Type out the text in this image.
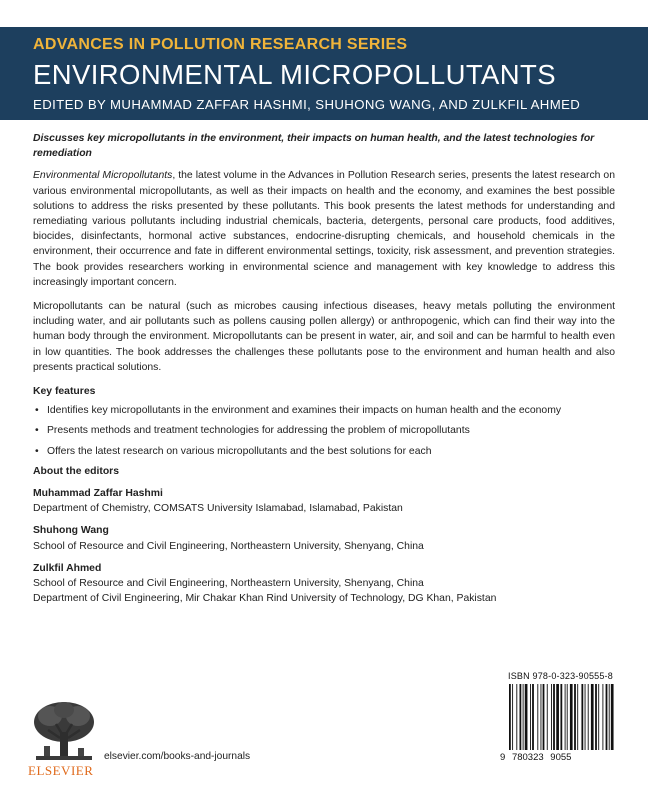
ADVANCES IN POLLUTION RESEARCH SERIES
ENVIRONMENTAL MICROPOLLUTANTS
EDITED BY MUHAMMAD ZAFFAR HASHMI, SHUHONG WANG, AND ZULKFIL AHMED

Discusses key micropollutants in the environment, their impacts on human health, and the latest technologies for remediation

Environmental Micropollutants, the latest volume in the Advances in Pollution Research series, presents the latest research on various environmental micropollutants, as well as their impacts on health and the economy, and examines the best possible solutions to address the risks presented by these pollutants. This book presents the latest methods for understanding and remediating various pollutants including industrial chemicals, bacteria, detergents, personal care products, food additives, biocides, disinfectants, hormonal active substances, endocrine-disrupting chemicals, and household chemicals in the environment, their occurrence and fate in different environmental settings, toxicity, risk assessment, and prevention strategies. The book provides researchers working in environmental science and management with key knowledge to address this increasingly important concern.

Micropollutants can be natural (such as microbes causing infectious diseases, heavy metals polluting the environment including water, and air pollutants such as pollens causing pollen allergy) or anthropogenic, which can find their way into the human body through the environment. Micropollutants can be present in water, air, and soil and can be harmful to health even in low quantities. The book addresses the challenges these pollutants pose to the environment and human health and also presents practical solutions.

Key features
• Identifies key micropollutants in the environment and examines their impacts on human health and the economy
• Presents methods and treatment technologies for addressing the problem of micropollutants
• Offers the latest research on various micropollutants and the best solutions for each
About the editors
Muhammad Zaffar Hashmi
Department of Chemistry, COMSATS University Islamabad, Islamabad, Pakistan
Shuhong Wang
School of Resource and Civil Engineering, Northeastern University, Shenyang, China
Zulkfil Ahmed
School of Resource and Civil Engineering, Northeastern University, Shenyang, China
Department of Civil Engineering, Mir Chakar Khan Rind University of Technology, DG Khan, Pakistan
ELSEVIER
elsevier.com/books-and-journals
ISBN 978-0-323-90555-8
9 780323 9055
